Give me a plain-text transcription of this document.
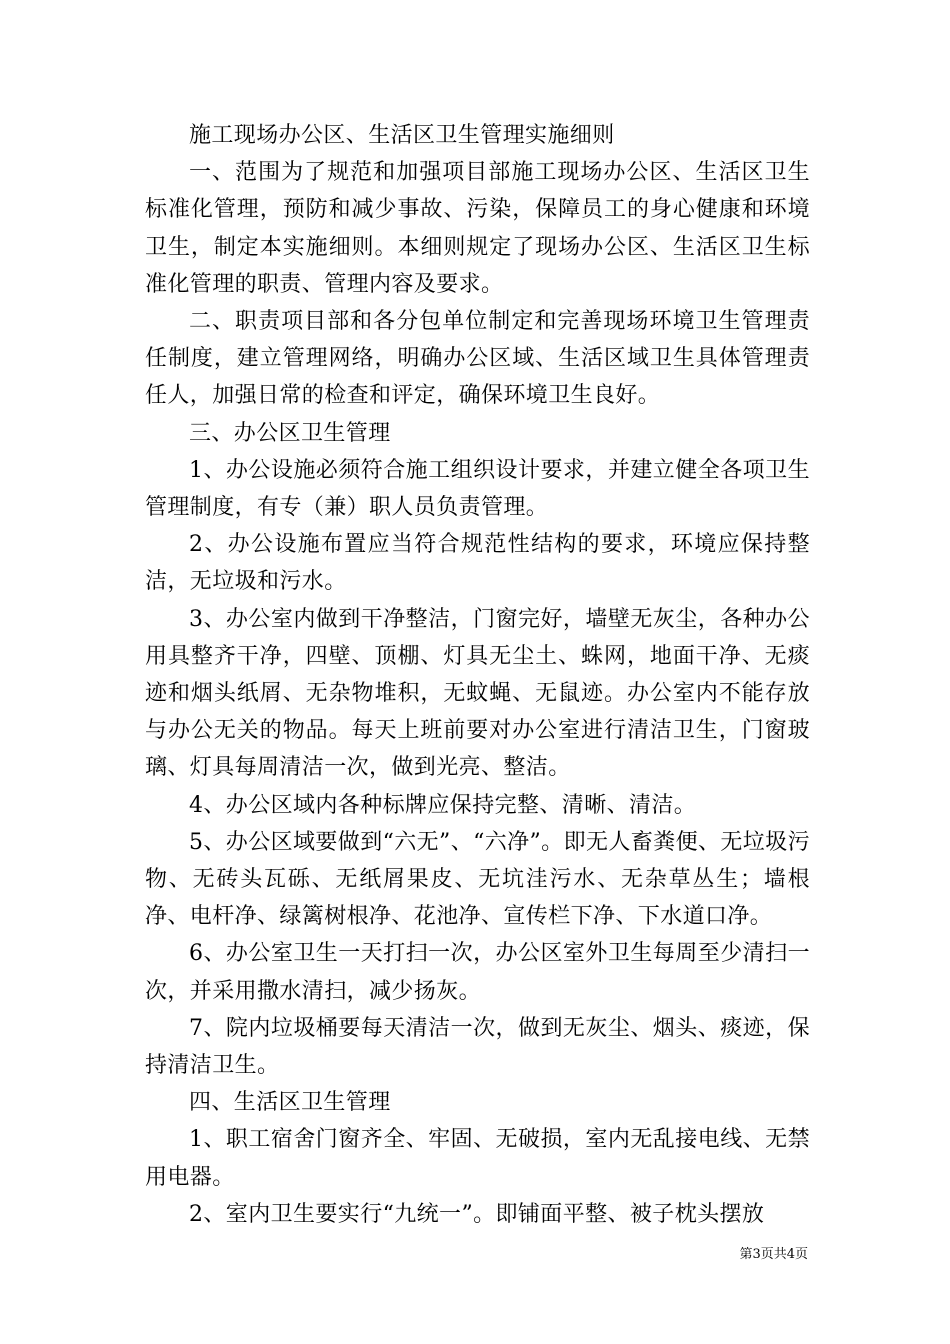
施工现场办公区、生活区卫生管理实施细则

一、范围为了规范和加强项目部施工现场办公区、生活区卫生标准化管理，预防和减少事故、污染，保障员工的身心健康和环境卫生，制定本实施细则。本细则规定了现场办公区、生活区卫生标准化管理的职责、管理内容及要求。

二、职责项目部和各分包单位制定和完善现场环境卫生管理责任制度，建立管理网络，明确办公区域、生活区域卫生具体管理责任人，加强日常的检查和评定，确保环境卫生良好。

三、办公区卫生管理

1、办公设施必须符合施工组织设计要求，并建立健全各项卫生管理制度，有专（兼）职人员负责管理。

2、办公设施布置应当符合规范性结构的要求，环境应保持整洁，无垃圾和污水。

3、办公室内做到干净整洁，门窗完好，墙壁无灰尘，各种办公用具整齐干净，四壁、顶棚、灯具无尘土、蛛网，地面干净、无痰迹和烟头纸屑、无杂物堆积，无蚊蝇、无鼠迹。办公室内不能存放与办公无关的物品。每天上班前要对办公室进行清洁卫生，门窗玻璃、灯具每周清洁一次，做到光亮、整洁。

4、办公区域内各种标牌应保持完整、清晰、清洁。

5、办公区域要做到“六无”、“六净”。即无人畜粪便、无垃圾污物、无砖头瓦砾、无纸屑果皮、无坑洼污水、无杂草丛生；墙根净、电杆净、绿篱树根净、花池净、宣传栏下净、下水道口净。

6、办公室卫生一天打扫一次，办公区室外卫生每周至少清扫一次，并采用撒水清扫，减少扬灰。

7、院内垃圾桶要每天清洁一次，做到无灰尘、烟头、痰迹，保持清洁卫生。

四、生活区卫生管理

1、职工宿舍门窗齐全、牢固、无破损，室内无乱接电线、无禁用电器。

2、室内卫生要实行“九统一”。即铺面平整、被子枕头摆放

第3页共4页
